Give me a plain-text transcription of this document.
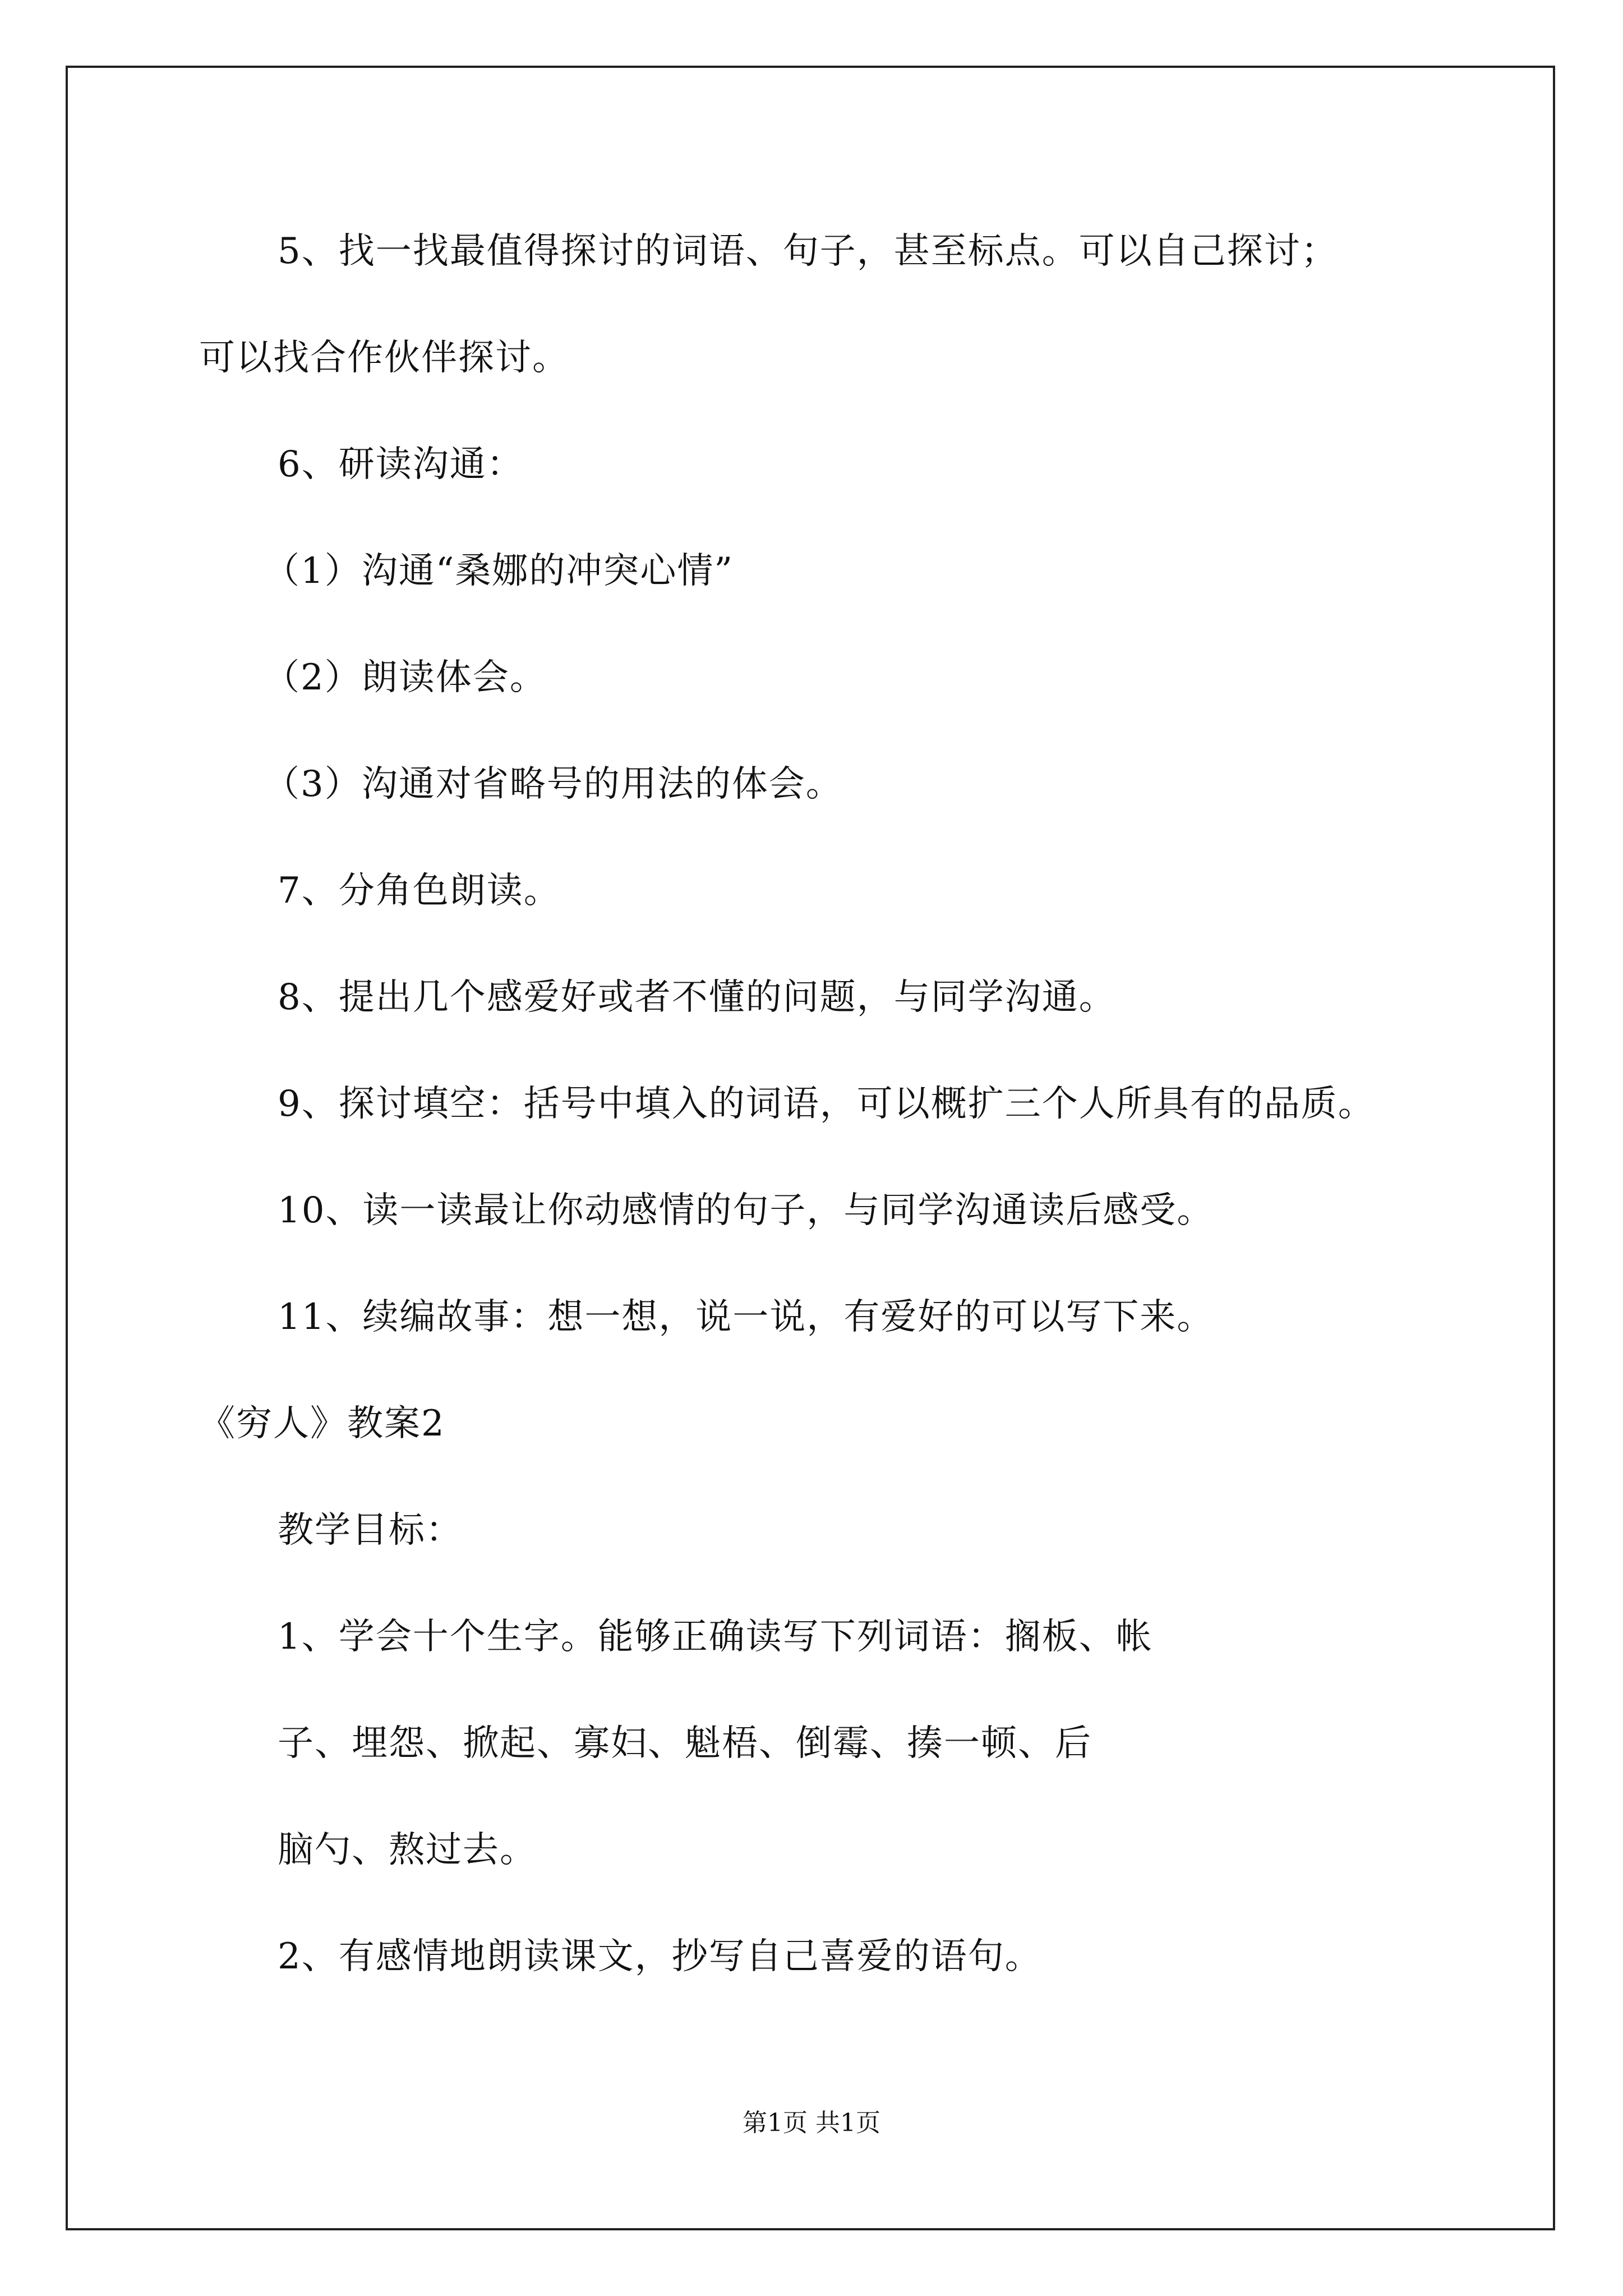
5、找一找最值得探讨的词语、句子，甚至标点。可以自己探讨；
可以找合作伙伴探讨。
6、研读沟通：
（1）沟通“桑娜的冲突心情”
（2）朗读体会。
（3）沟通对省略号的用法的体会。
7、分角色朗读。
8、提出几个感爱好或者不懂的问题，与同学沟通。
9、探讨填空：括号中填入的词语，可以概扩三个人所具有的品质。
10、读一读最让你动感情的句子，与同学沟通读后感受。
11、续编故事：想一想，说一说，有爱好的可以写下来。
《穷人》教案2
教学目标：
1、学会十个生字。能够正确读写下列词语：搁板、帐
子、埋怨、掀起、寡妇、魁梧、倒霉、揍一顿、后
脑勺、熬过去。
2、有感情地朗读课文，抄写自己喜爱的语句。
第1页 共1页
